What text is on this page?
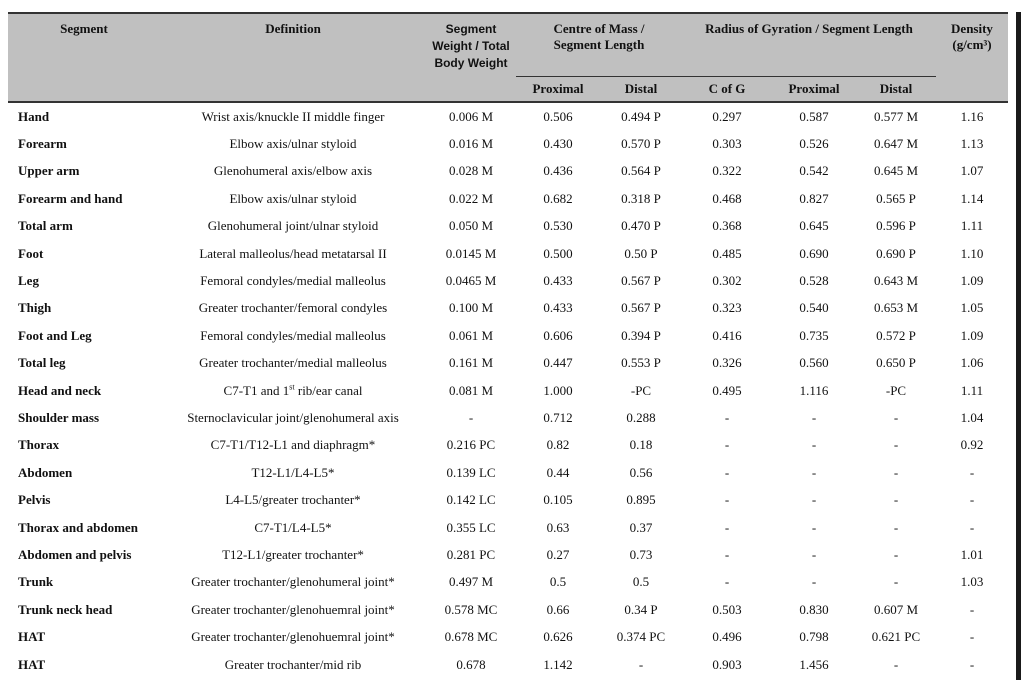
Segment	Definition	Segment Weight / Total Body Weight	Centre of Mass / Segment Length		Radius of Gyration / Segment Length			Density (g/cm³)

			Proximal	Distal	C of G	Proximal	Distal	
Hand	Wrist axis/knuckle II middle finger	0.006 M	0.506	0.494 P	0.297	0.587	0.577 M	1.16
Forearm	Elbow axis/ulnar styloid	0.016 M	0.430	0.570 P	0.303	0.526	0.647 M	1.13
Upper arm	Glenohumeral axis/elbow axis	0.028 M	0.436	0.564 P	0.322	0.542	0.645 M	1.07
Forearm and hand	Elbow axis/ulnar styloid	0.022 M	0.682	0.318 P	0.468	0.827	0.565 P	1.14
Total arm	Glenohumeral joint/ulnar styloid	0.050 M	0.530	0.470 P	0.368	0.645	0.596 P	1.11
Foot	Lateral malleolus/head metatarsal II	0.0145 M	0.500	0.50 P	0.485	0.690	0.690 P	1.10
Leg	Femoral condyles/medial malleolus	0.0465 M	0.433	0.567 P	0.302	0.528	0.643 M	1.09
Thigh	Greater trochanter/femoral condyles	0.100 M	0.433	0.567 P	0.323	0.540	0.653 M	1.05
Foot and Leg	Femoral condyles/medial malleolus	0.061 M	0.606	0.394 P	0.416	0.735	0.572 P	1.09
Total leg	Greater trochanter/medial malleolus	0.161 M	0.447	0.553 P	0.326	0.560	0.650 P	1.06
Head and neck	C7-T1 and 1st rib/ear canal	0.081 M	1.000	-PC	0.495	1.116	-PC	1.11
Shoulder mass	Sternoclavicular joint/glenohumeral axis	-	0.712	0.288	-	-	-	1.04
Thorax	C7-T1/T12-L1 and diaphragm*	0.216 PC	0.82	0.18	-	-	-	0.92
Abdomen	T12-L1/L4-L5*	0.139 LC	0.44	0.56	-	-	-	-
Pelvis	L4-L5/greater trochanter*	0.142 LC	0.105	0.895	-	-	-	-
Thorax and abdomen	C7-T1/L4-L5*	0.355 LC	0.63	0.37	-	-	-	-
Abdomen and pelvis	T12-L1/greater trochanter*	0.281 PC	0.27	0.73	-	-	-	1.01
Trunk	Greater trochanter/glenohumeral joint*	0.497 M	0.5	0.5	-	-	-	1.03
Trunk neck head	Greater trochanter/glenohuemral joint*	0.578 MC	0.66	0.34 P	0.503	0.830	0.607 M	-
HAT	Greater trochanter/glenohuemral joint*	0.678 MC	0.626	0.374 PC	0.496	0.798	0.621 PC	-
HAT	Greater trochanter/mid rib	0.678	1.142	-	0.903	1.456	-	-
